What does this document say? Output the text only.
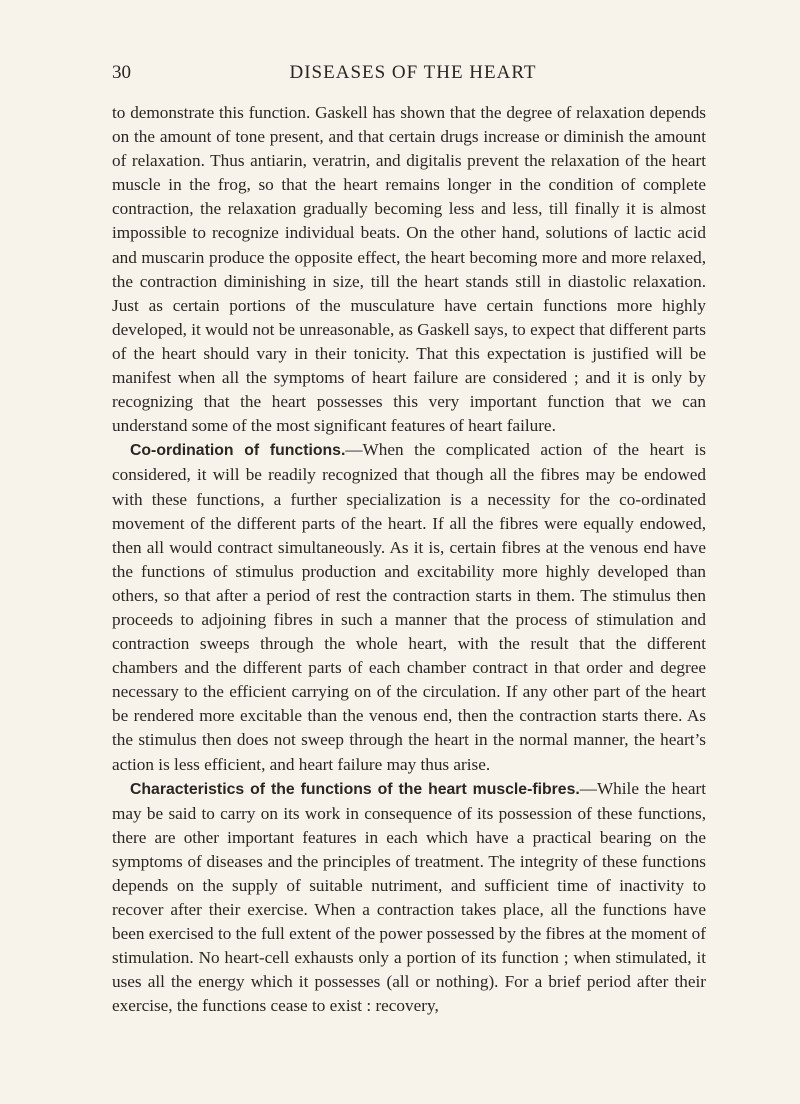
30	DISEASES OF THE HEART

to demonstrate this function. Gaskell has shown that the degree of relaxation depends on the amount of tone present, and that certain drugs increase or diminish the amount of relaxation. Thus antiarin, veratrin, and digitalis prevent the relaxation of the heart muscle in the frog, so that the heart remains longer in the condition of complete contraction, the relaxation gradually becoming less and less, till finally it is almost impossible to recognize individual beats. On the other hand, solutions of lactic acid and muscarin produce the opposite effect, the heart becoming more and more relaxed, the contraction diminishing in size, till the heart stands still in diastolic relaxation. Just as certain portions of the musculature have certain functions more highly developed, it would not be unreasonable, as Gaskell says, to expect that different parts of the heart should vary in their tonicity. That this expectation is justified will be manifest when all the symptoms of heart failure are considered ; and it is only by recognizing that the heart possesses this very important function that we can understand some of the most significant features of heart failure.

Co-ordination of functions.—When the complicated action of the heart is considered, it will be readily recognized that though all the fibres may be endowed with these functions, a further specialization is a necessity for the co-ordinated movement of the different parts of the heart. If all the fibres were equally endowed, then all would contract simultaneously. As it is, certain fibres at the venous end have the functions of stimulus production and excitability more highly developed than others, so that after a period of rest the contraction starts in them. The stimulus then proceeds to adjoining fibres in such a manner that the process of stimulation and contraction sweeps through the whole heart, with the result that the different chambers and the different parts of each chamber contract in that order and degree necessary to the efficient carrying on of the circulation. If any other part of the heart be rendered more excitable than the venous end, then the contraction starts there. As the stimulus then does not sweep through the heart in the normal manner, the heart’s action is less efficient, and heart failure may thus arise.

Characteristics of the functions of the heart muscle-fibres.—While the heart may be said to carry on its work in consequence of its possession of these functions, there are other important features in each which have a practical bearing on the symptoms of diseases and the principles of treatment. The integrity of these functions depends on the supply of suitable nutriment, and sufficient time of inactivity to recover after their exercise. When a contraction takes place, all the functions have been exercised to the full extent of the power possessed by the fibres at the moment of stimulation. No heart-cell exhausts only a portion of its function ; when stimulated, it uses all the energy which it possesses (all or nothing). For a brief period after their exercise, the functions cease to exist : recovery,
